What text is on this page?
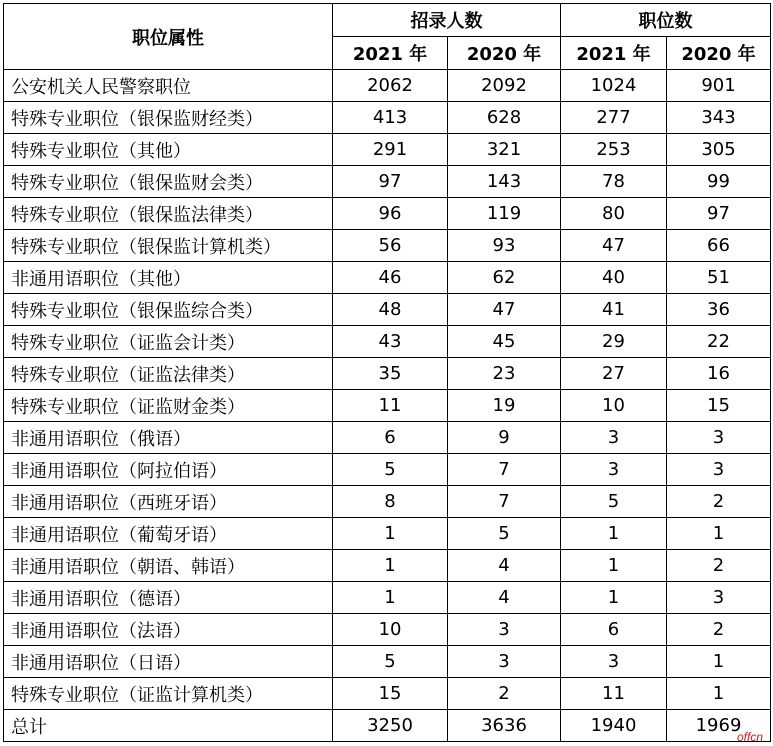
职位属性	招录人数		职位数	
	2021 年	2020 年	2021 年	2020 年
公安机关人民警察职位	2062	2092	1024	901
特殊专业职位（银保监财经类）	413	628	277	343
特殊专业职位（其他）	291	321	253	305
特殊专业职位（银保监财会类）	97	143	78	99
特殊专业职位（银保监法律类）	96	119	80	97
特殊专业职位（银保监计算机类）	56	93	47	66
非通用语职位（其他）	46	62	40	51
特殊专业职位（银保监综合类）	48	47	41	36
特殊专业职位（证监会计类）	43	45	29	22
特殊专业职位（证监法律类）	35	23	27	16
特殊专业职位（证监财金类）	11	19	10	15
非通用语职位（俄语）	6	9	3	3
非通用语职位（阿拉伯语）	5	7	3	3
非通用语职位（西班牙语）	8	7	5	2
非通用语职位（葡萄牙语）	1	5	1	1
非通用语职位（朝语、韩语）	1	4	1	2
非通用语职位（德语）	1	4	1	3
非通用语职位（法语）	10	3	6	2
非通用语职位（日语）	5	3	3	1
特殊专业职位（证监计算机类）	15	2	11	1
总计	3250	3636	1940	1969
offcn
